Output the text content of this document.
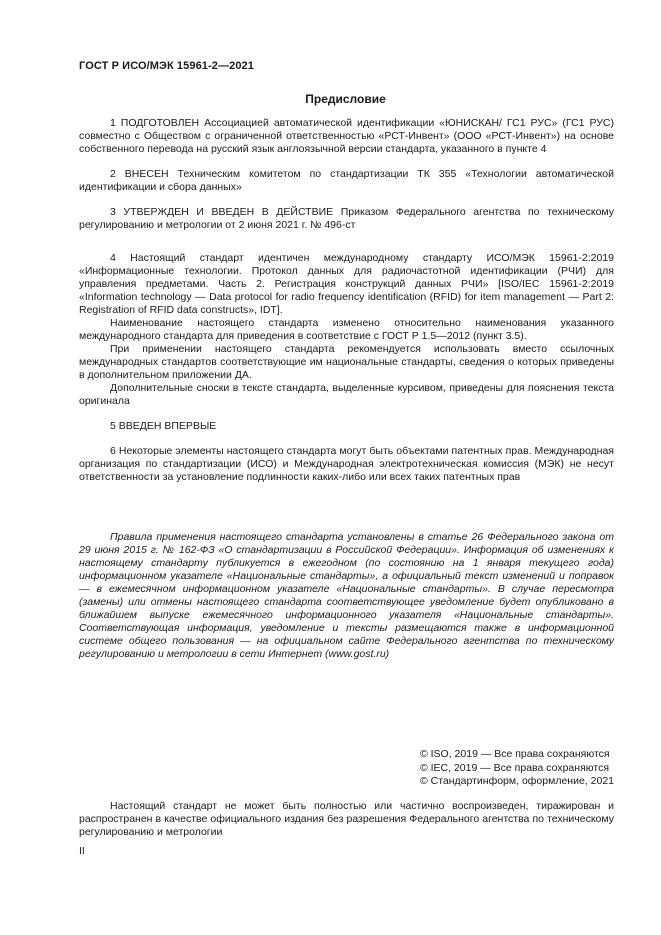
ГОСТ Р ИСО/МЭК 15961-2—2021
Предисловие

1 ПОДГОТОВЛЕН Ассоциацией автоматической идентификации «ЮНИСКАН/ ГС1 РУС» (ГС1 РУС) совместно с Обществом с ограниченной ответственностью «РСТ-Инвент» (ООО «РСТ-Инвент») на основе собственного перевода на русский язык англоязычной версии стандарта, указанного в пункте 4

2 ВНЕСЕН Техническим комитетом по стандартизации ТК 355 «Технологии автоматической идентификации и сбора данных»

3 УТВЕРЖДЕН И ВВЕДЕН В ДЕЙСТВИЕ Приказом Федерального агентства по техническому регулированию и метрологии от 2 июня 2021 г. № 496-ст

4 Настоящий стандарт идентичен международному стандарту ИСО/МЭК 15961-2:2019 «Информационные технологии. Протокол данных для радиочастотной идентификации (РЧИ) для управления предметами. Часть 2. Регистрация конструкций данных РЧИ» [ISO/IEC 15961-2:2019 «Information technology — Data protocol for radio frequency identification (RFID) for item management — Part 2: Registration of RFID data constructs», IDT].

Наименование настоящего стандарта изменено относительно наименования указанного международного стандарта для приведения в соответствие с ГОСТ Р 1.5—2012 (пункт 3.5).

При применении настоящего стандарта рекомендуется использовать вместо ссылочных международных стандартов соответствующие им национальные стандарты, сведения о которых приведены в дополнительном приложении ДА.

Дополнительные сноски в тексте стандарта, выделенные курсивом, приведены для пояснения текста оригинала

5 ВВЕДЕН ВПЕРВЫЕ

6 Некоторые элементы настоящего стандарта могут быть объектами патентных прав. Международная организация по стандартизации (ИСО) и Международная электротехническая комиссия (МЭК) не несут ответственности за установление подлинности каких-либо или всех таких патентных прав

Правила применения настоящего стандарта установлены в статье 26 Федерального закона от 29 июня 2015 г. № 162-ФЗ «О стандартизации в Российской Федерации». Информация об изменениях к настоящему стандарту публикуется в ежегодном (по состоянию на 1 января текущего года) информационном указателе «Национальные стандарты», а официальный текст изменений и поправок — в ежемесячном информационном указателе «Национальные стандарты». В случае пересмотра (замены) или отмены настоящего стандарта соответствующее уведомление будет опубликовано в ближайшем выпуске ежемесячного информационного указателя «Национальные стандарты». Соответствующая информация, уведомление и тексты размещаются также в информационной системе общего пользования — на официальном сайте Федерального агентства по техническому регулированию и метрологии в сети Интернет (www.gost.ru)

© ISO, 2019 — Все права сохраняются
© IEC, 2019 — Все права сохраняются
© Стандартинформ, оформление, 2021

Настоящий стандарт не может быть полностью или частично воспроизведен, тиражирован и распространен в качестве официального издания без разрешения Федерального агентства по техническому регулированию и метрологии

II
